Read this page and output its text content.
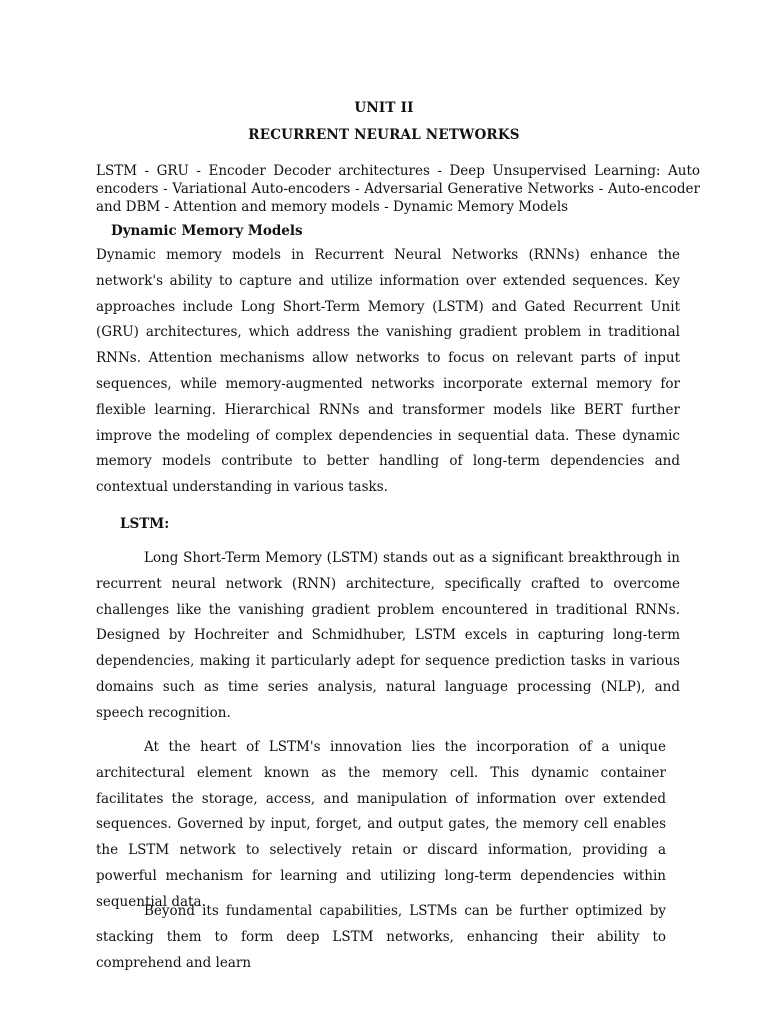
UNIT II
RECURRENT NEURAL NETWORKS
LSTM - GRU - Encoder Decoder architectures - Deep Unsupervised Learning: Auto encoders - Variational Auto-encoders - Adversarial Generative Networks - Auto-encoder and DBM - Attention and memory models - Dynamic Memory Models
Dynamic Memory Models
Dynamic memory models in Recurrent Neural Networks (RNNs) enhance the network's ability to capture and utilize information over extended sequences. Key approaches include Long Short-Term Memory (LSTM) and Gated Recurrent Unit (GRU) architectures, which address the vanishing gradient problem in traditional RNNs. Attention mechanisms allow networks to focus on relevant parts of input sequences, while memory-augmented networks incorporate external memory for flexible learning. Hierarchical RNNs and transformer models like BERT further improve the modeling of complex dependencies in sequential data. These dynamic memory models contribute to better handling of long-term dependencies and contextual understanding in various tasks.
LSTM:
Long Short-Term Memory (LSTM) stands out as a significant breakthrough in recurrent neural network (RNN) architecture, specifically crafted to overcome challenges like the vanishing gradient problem encountered in traditional RNNs. Designed by Hochreiter and Schmidhuber, LSTM excels in capturing long-term dependencies, making it particularly adept for sequence prediction tasks in various domains such as time series analysis, natural language processing (NLP), and speech recognition.
At the heart of LSTM's innovation lies the incorporation of a unique architectural element known as the memory cell. This dynamic container facilitates the storage, access, and manipulation of information over extended sequences. Governed by input, forget, and output gates, the memory cell enables the LSTM network to selectively retain or discard information, providing a powerful mechanism for learning and utilizing long-term dependencies within sequential data.
Beyond its fundamental capabilities, LSTMs can be further optimized by stacking them to form deep LSTM networks, enhancing their ability to comprehend and learn
